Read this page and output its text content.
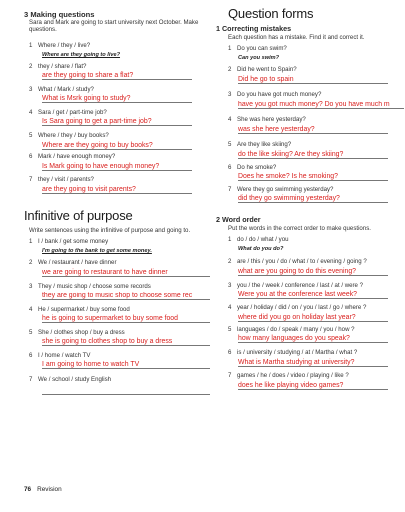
3 Making questions
Sara and Mark are going to start university next October. Make questions.
1 Where / they / live?
Where are they going to live?
2 they / share / flat?
are they going to share a flat?
3 What / Mark / study?
What is Msrk going to study?
4 Sara / get / part-time job?
Is Sara going to get a part-time job?
5 Where / they / buy books?
Where are they going to buy books?
6 Mark / have enough money?
Is Mark going to have enough money?
7 they / visit / parents?
are they going to visit parents?
Infinitive of purpose
Write sentences using the infinitive of purpose and going to.
1 I / bank / get some money
I'm going to the bank to get some money.
2 We / restaurant / have dinner
we are going to restaurant to have dinner
3 They / music shop / choose some records
they are going to music shop to choose some rec
4 He / supermarket / buy some food
he is going to supermarket to buy some food
5 She / clothes shop / buy a dress
she is going to clothes shop to buy a dress
6 I / home / watch TV
I am going to home to watch TV
7 We / school / study English
Question forms
1 Correcting mistakes
Each question has a mistake. Find it and correct it.
1 Do you can swim?
Can you swim?
2 Did he went to Spain?
Did he go to spain
3 Do you have got much money?
have you got much money? Do you have much m
4 She was here yesterday?
was she here yesterday?
5 Are they like skiing?
do the like skiing? Are they skiing?
6 Do he smoke?
Does he smoke? Is he smoking?
7 Were they go swimming yesterday?
did they go swimming yesterday?
2 Word order
Put the words in the correct order to make questions.
1 do / do / what / you
What do you do?
2 are / this / you / do / what / to / evening / going ?
what are you going to do this evening?
3 you / the / week / conference / last / at / were ?
Were you at the conference last week?
4 year / holiday / did / on / you / last / go / where ?
where did you go on holiday last year?
5 languages / do / speak / many / you / how ?
how many languages do you speak?
6 is / university / studying / at / Martha / what ?
What is Martha studying at university?
7 games / he / does / video / playing / like ?
does he like playing video games?
76 Revision
